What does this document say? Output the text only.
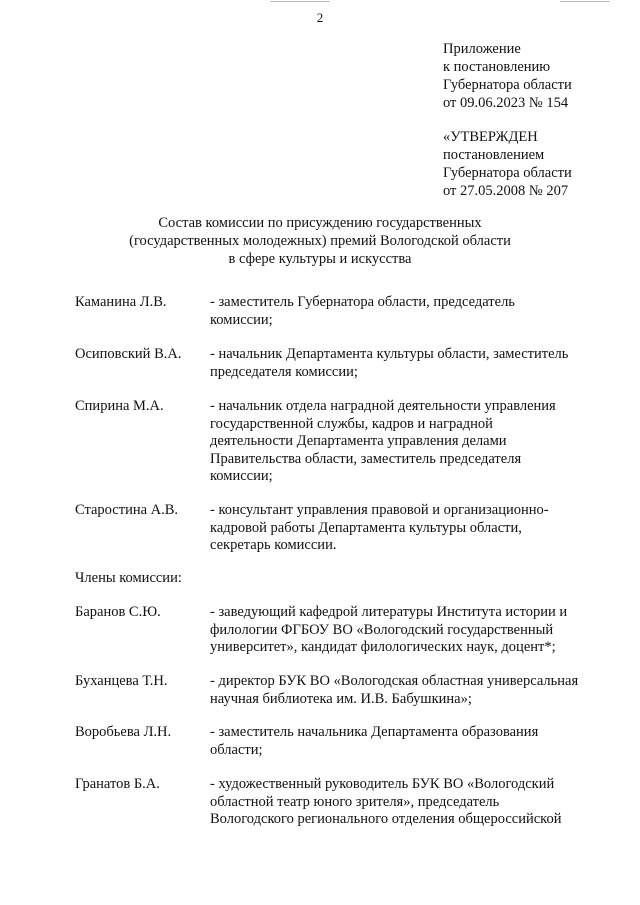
2
Приложение
к постановлению
Губернатора области
от 09.06.2023 № 154
«УТВЕРЖДЕН
постановлением
Губернатора области
от 27.05.2008 № 207
Состав комиссии по присуждению государственных
(государственных молодежных) премий Вологодской области
в сфере культуры и искусства
Каманина Л.В.	- заместитель Губернатора области, председатель
комиссии;
Осиповский В.А. - начальник Департамента культуры области, заместитель
председателя комиссии;
Спирина М.А.	- начальник отдела наградной деятельности управления
государственной службы, кадров и наградной
деятельности Департамента управления делами
Правительства области, заместитель председателя
комиссии;
Старостина А.В. - консультант управления правовой и организационно-
кадровой работы Департамента культуры области,
секретарь комиссии.
Члены комиссии:
Баранов С.Ю.	- заведующий кафедрой литературы Института истории и
филологии ФГБОУ ВО «Вологодский государственный
университет», кандидат филологических наук, доцент*;
Буханцева Т.Н.	- директор БУК ВО «Вологодская областная универсальная
научная библиотека им. И.В. Бабушкина»;
Воробьева Л.Н.	- заместитель начальника Департамента образования
области;
Гранатов Б.А.	- художественный руководитель БУК ВО «Вологодский
областной театр юного зрителя», председатель
Вологодского регионального отделения общероссийской
